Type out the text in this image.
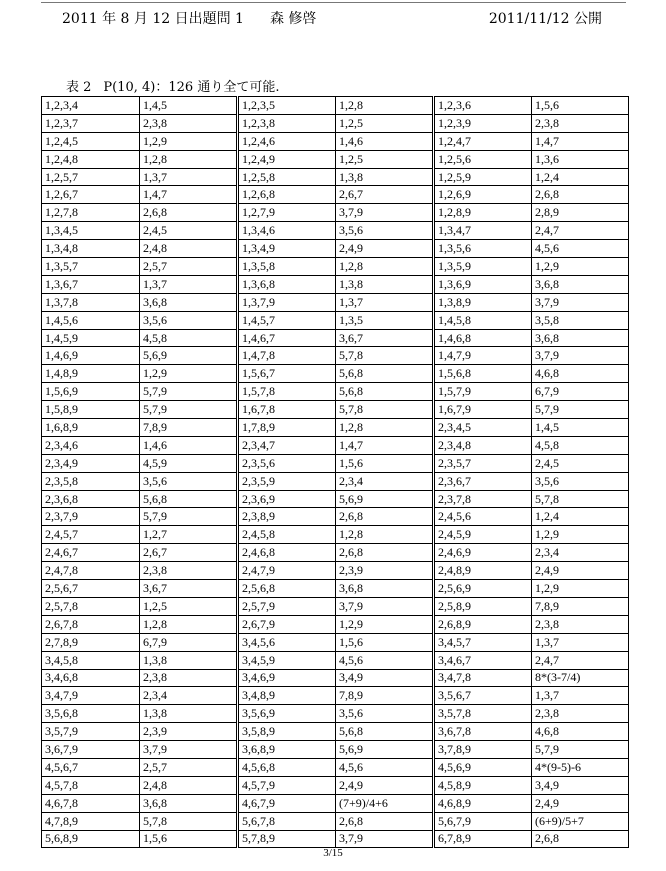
2011 年 8 月 12 日出題問 1 森 修啓	2011/11/12 公開
表 2 P(10, 4)：126 通り全て可能.
1,2,3,4	1,4,5	1,2,3,5	1,2,8	1,2,3,6	1,5,6
1,2,3,7	2,3,8	1,2,3,8	1,2,5	1,2,3,9	2,3,8
1,2,4,5	1,2,9	1,2,4,6	1,4,6	1,2,4,7	1,4,7
1,2,4,8	1,2,8	1,2,4,9	1,2,5	1,2,5,6	1,3,6
1,2,5,7	1,3,7	1,2,5,8	1,3,8	1,2,5,9	1,2,4
1,2,6,7	1,4,7	1,2,6,8	2,6,7	1,2,6,9	2,6,8
1,2,7,8	2,6,8	1,2,7,9	3,7,9	1,2,8,9	2,8,9
1,3,4,5	2,4,5	1,3,4,6	3,5,6	1,3,4,7	2,4,7
1,3,4,8	2,4,8	1,3,4,9	2,4,9	1,3,5,6	4,5,6
1,3,5,7	2,5,7	1,3,5,8	1,2,8	1,3,5,9	1,2,9
1,3,6,7	1,3,7	1,3,6,8	1,3,8	1,3,6,9	3,6,8
1,3,7,8	3,6,8	1,3,7,9	1,3,7	1,3,8,9	3,7,9
1,4,5,6	3,5,6	1,4,5,7	1,3,5	1,4,5,8	3,5,8
1,4,5,9	4,5,8	1,4,6,7	3,6,7	1,4,6,8	3,6,8
1,4,6,9	5,6,9	1,4,7,8	5,7,8	1,4,7,9	3,7,9
1,4,8,9	1,2,9	1,5,6,7	5,6,8	1,5,6,8	4,6,8
1,5,6,9	5,7,9	1,5,7,8	5,6,8	1,5,7,9	6,7,9
1,5,8,9	5,7,9	1,6,7,8	5,7,8	1,6,7,9	5,7,9
1,6,8,9	7,8,9	1,7,8,9	1,2,8	2,3,4,5	1,4,5
2,3,4,6	1,4,6	2,3,4,7	1,4,7	2,3,4,8	4,5,8
2,3,4,9	4,5,9	2,3,5,6	1,5,6	2,3,5,7	2,4,5
2,3,5,8	3,5,6	2,3,5,9	2,3,4	2,3,6,7	3,5,6
2,3,6,8	5,6,8	2,3,6,9	5,6,9	2,3,7,8	5,7,8
2,3,7,9	5,7,9	2,3,8,9	2,6,8	2,4,5,6	1,2,4
2,4,5,7	1,2,7	2,4,5,8	1,2,8	2,4,5,9	1,2,9
2,4,6,7	2,6,7	2,4,6,8	2,6,8	2,4,6,9	2,3,4
2,4,7,8	2,3,8	2,4,7,9	2,3,9	2,4,8,9	2,4,9
2,5,6,7	3,6,7	2,5,6,8	3,6,8	2,5,6,9	1,2,9
2,5,7,8	1,2,5	2,5,7,9	3,7,9	2,5,8,9	7,8,9
2,6,7,8	1,2,8	2,6,7,9	1,2,9	2,6,8,9	2,3,8
2,7,8,9	6,7,9	3,4,5,6	1,5,6	3,4,5,7	1,3,7
3,4,5,8	1,3,8	3,4,5,9	4,5,6	3,4,6,7	2,4,7
3,4,6,8	2,3,8	3,4,6,9	3,4,9	3,4,7,8	8*(3-7/4)
3,4,7,9	2,3,4	3,4,8,9	7,8,9	3,5,6,7	1,3,7
3,5,6,8	1,3,8	3,5,6,9	3,5,6	3,5,7,8	2,3,8
3,5,7,9	2,3,9	3,5,8,9	5,6,8	3,6,7,8	4,6,8
3,6,7,9	3,7,9	3,6,8,9	5,6,9	3,7,8,9	5,7,9
4,5,6,7	2,5,7	4,5,6,8	4,5,6	4,5,6,9	4*(9-5)-6
4,5,7,8	2,4,8	4,5,7,9	2,4,9	4,5,8,9	3,4,9
4,6,7,8	3,6,8	4,6,7,9	(7+9)/4+6	4,6,8,9	2,4,9
4,7,8,9	5,7,8	5,6,7,8	2,6,8	5,6,7,9	(6+9)/5+7
5,6,8,9	1,5,6	5,7,8,9	3,7,9	6,7,8,9	2,6,8
3/15
